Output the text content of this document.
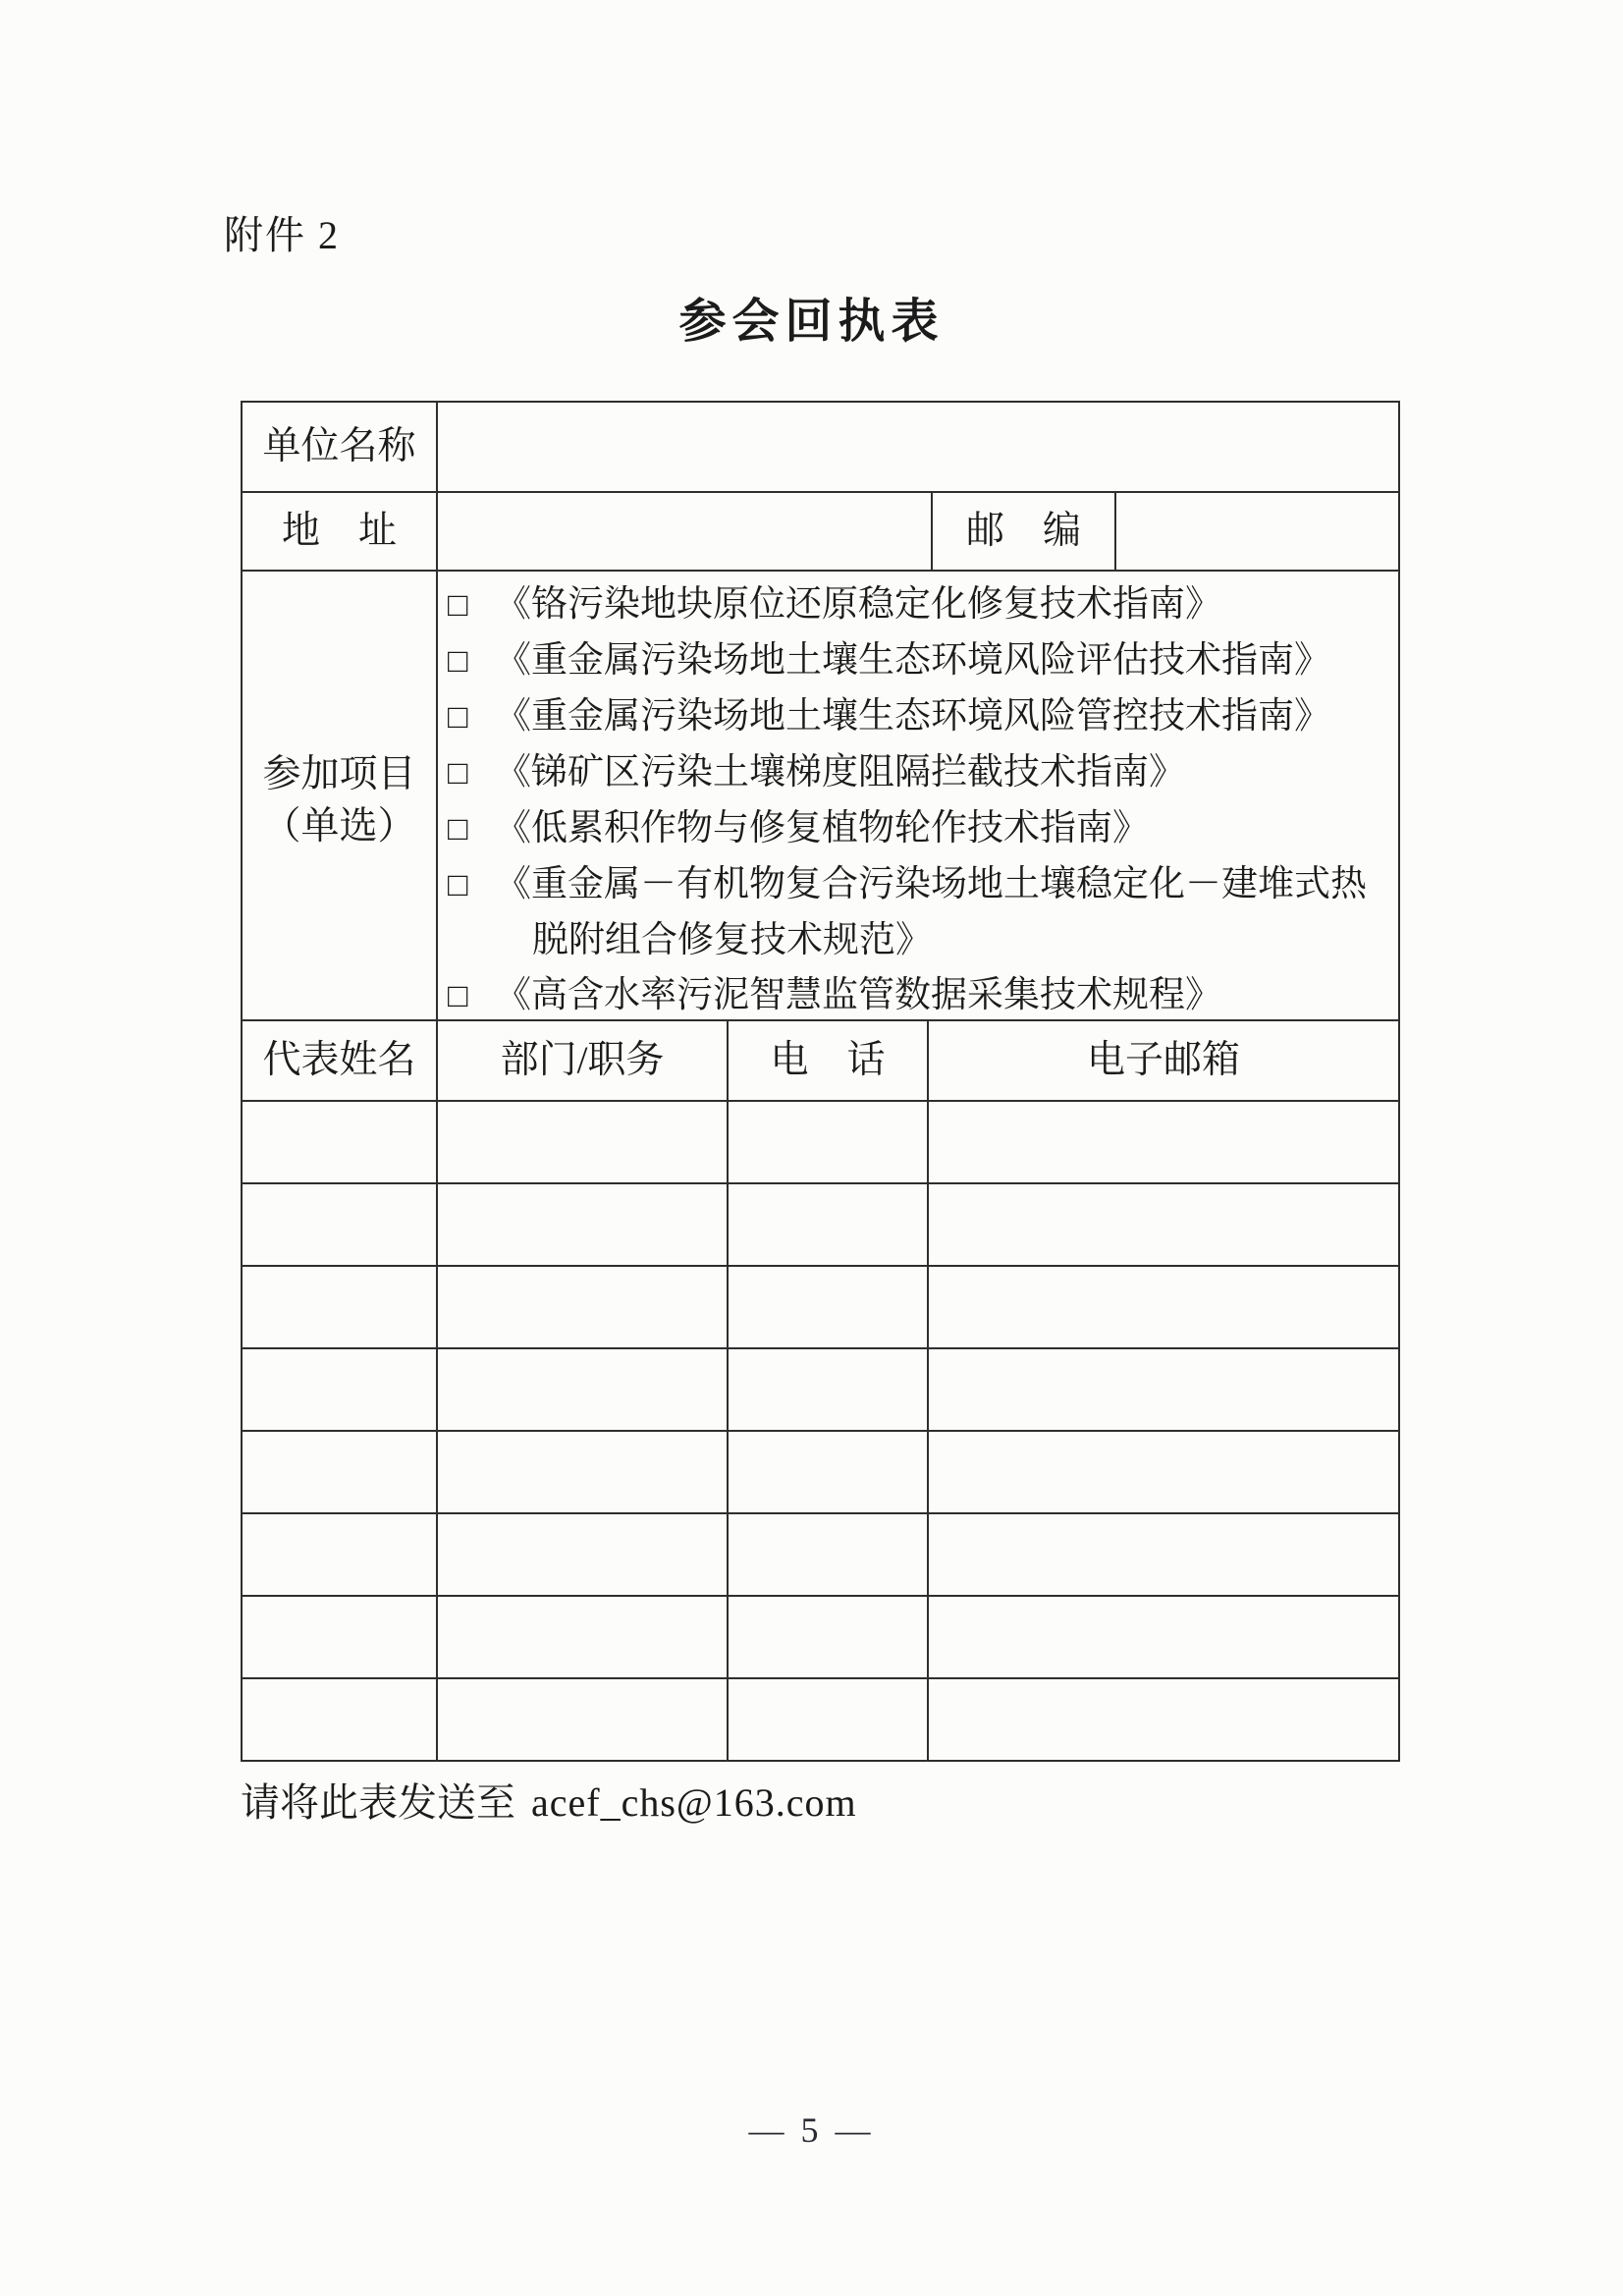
附件 2
参会回执表
单位名称
地　址	邮　编
参加项目
（单选）
□ 《铬污染地块原位还原稳定化修复技术指南》
□ 《重金属污染场地土壤生态环境风险评估技术指南》
□ 《重金属污染场地土壤生态环境风险管控技术指南》
□ 《锑矿区污染土壤梯度阻隔拦截技术指南》
□ 《低累积作物与修复植物轮作技术指南》
□ 《重金属－有机物复合污染场地土壤稳定化－建堆式热
脱附组合修复技术规范》
□ 《高含水率污泥智慧监管数据采集技术规程》
代表姓名	部门/职务	电　话	电子邮箱
请将此表发送至 acef_chs@163.com
— 5 —
